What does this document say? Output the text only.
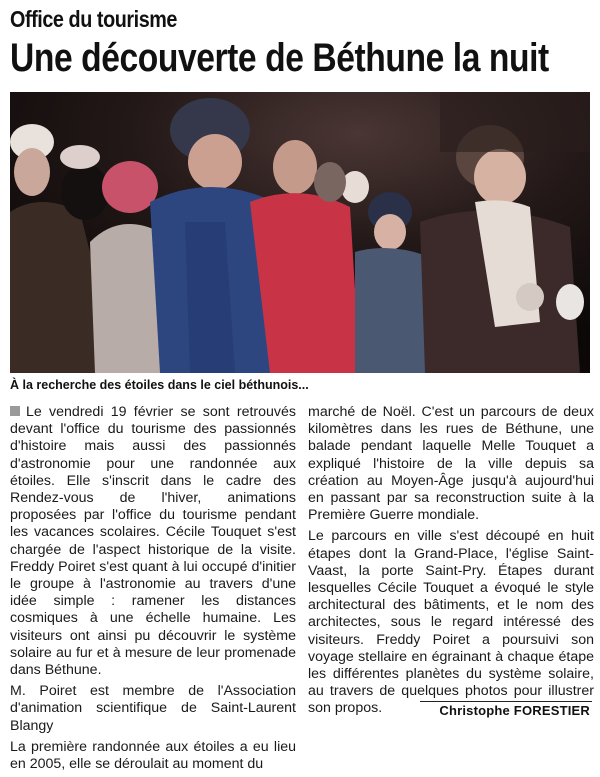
Office du tourisme
Une découverte de Béthune la nuit
À la recherche des étoiles dans le ciel béthunois...

Le vendredi 19 février se sont retrouvés devant l'office du tourisme des passionnés d'histoire mais aussi des passionnés d'astronomie pour une randonnée aux étoiles. Elle s'inscrit dans le cadre des Rendez-vous de l'hiver, animations proposées par l'office du tourisme pendant les vacances scolaires. Cécile Touquet s'est chargée de l'aspect historique de la visite. Freddy Poiret s'est quant à lui occupé d'initier le groupe à l'astronomie au travers d'une idée simple : ramener les distances cosmiques à une échelle humaine. Les visiteurs ont ainsi pu découvrir le système solaire au fur et à mesure de leur promenade dans Béthune.

M. Poiret est membre de l'Association d'animation scientifique de Saint-Laurent Blangy

La première randonnée aux étoiles a eu lieu en 2005, elle se déroulait au moment du

marché de Noël. C'est un parcours de deux kilomètres dans les rues de Béthune, une balade pendant laquelle Melle Touquet a expliqué l'histoire de la ville depuis sa création au Moyen-Âge jusqu'à aujourd'hui en passant par sa reconstruction suite à la Première Guerre mondiale.

Le parcours en ville s'est découpé en huit étapes dont la Grand-Place, l'église Saint-Vaast, la porte Saint-Pry. Étapes durant lesquelles Cécile Touquet a évoqué le style architectural des bâtiments, et le nom des architectes, sous le regard intéressé des visiteurs. Freddy Poiret a poursuivi son voyage stellaire en égrainant à chaque étape les différentes planètes du système solaire, au travers de quelques photos pour illustrer son propos.	Christophe FORESTIER
